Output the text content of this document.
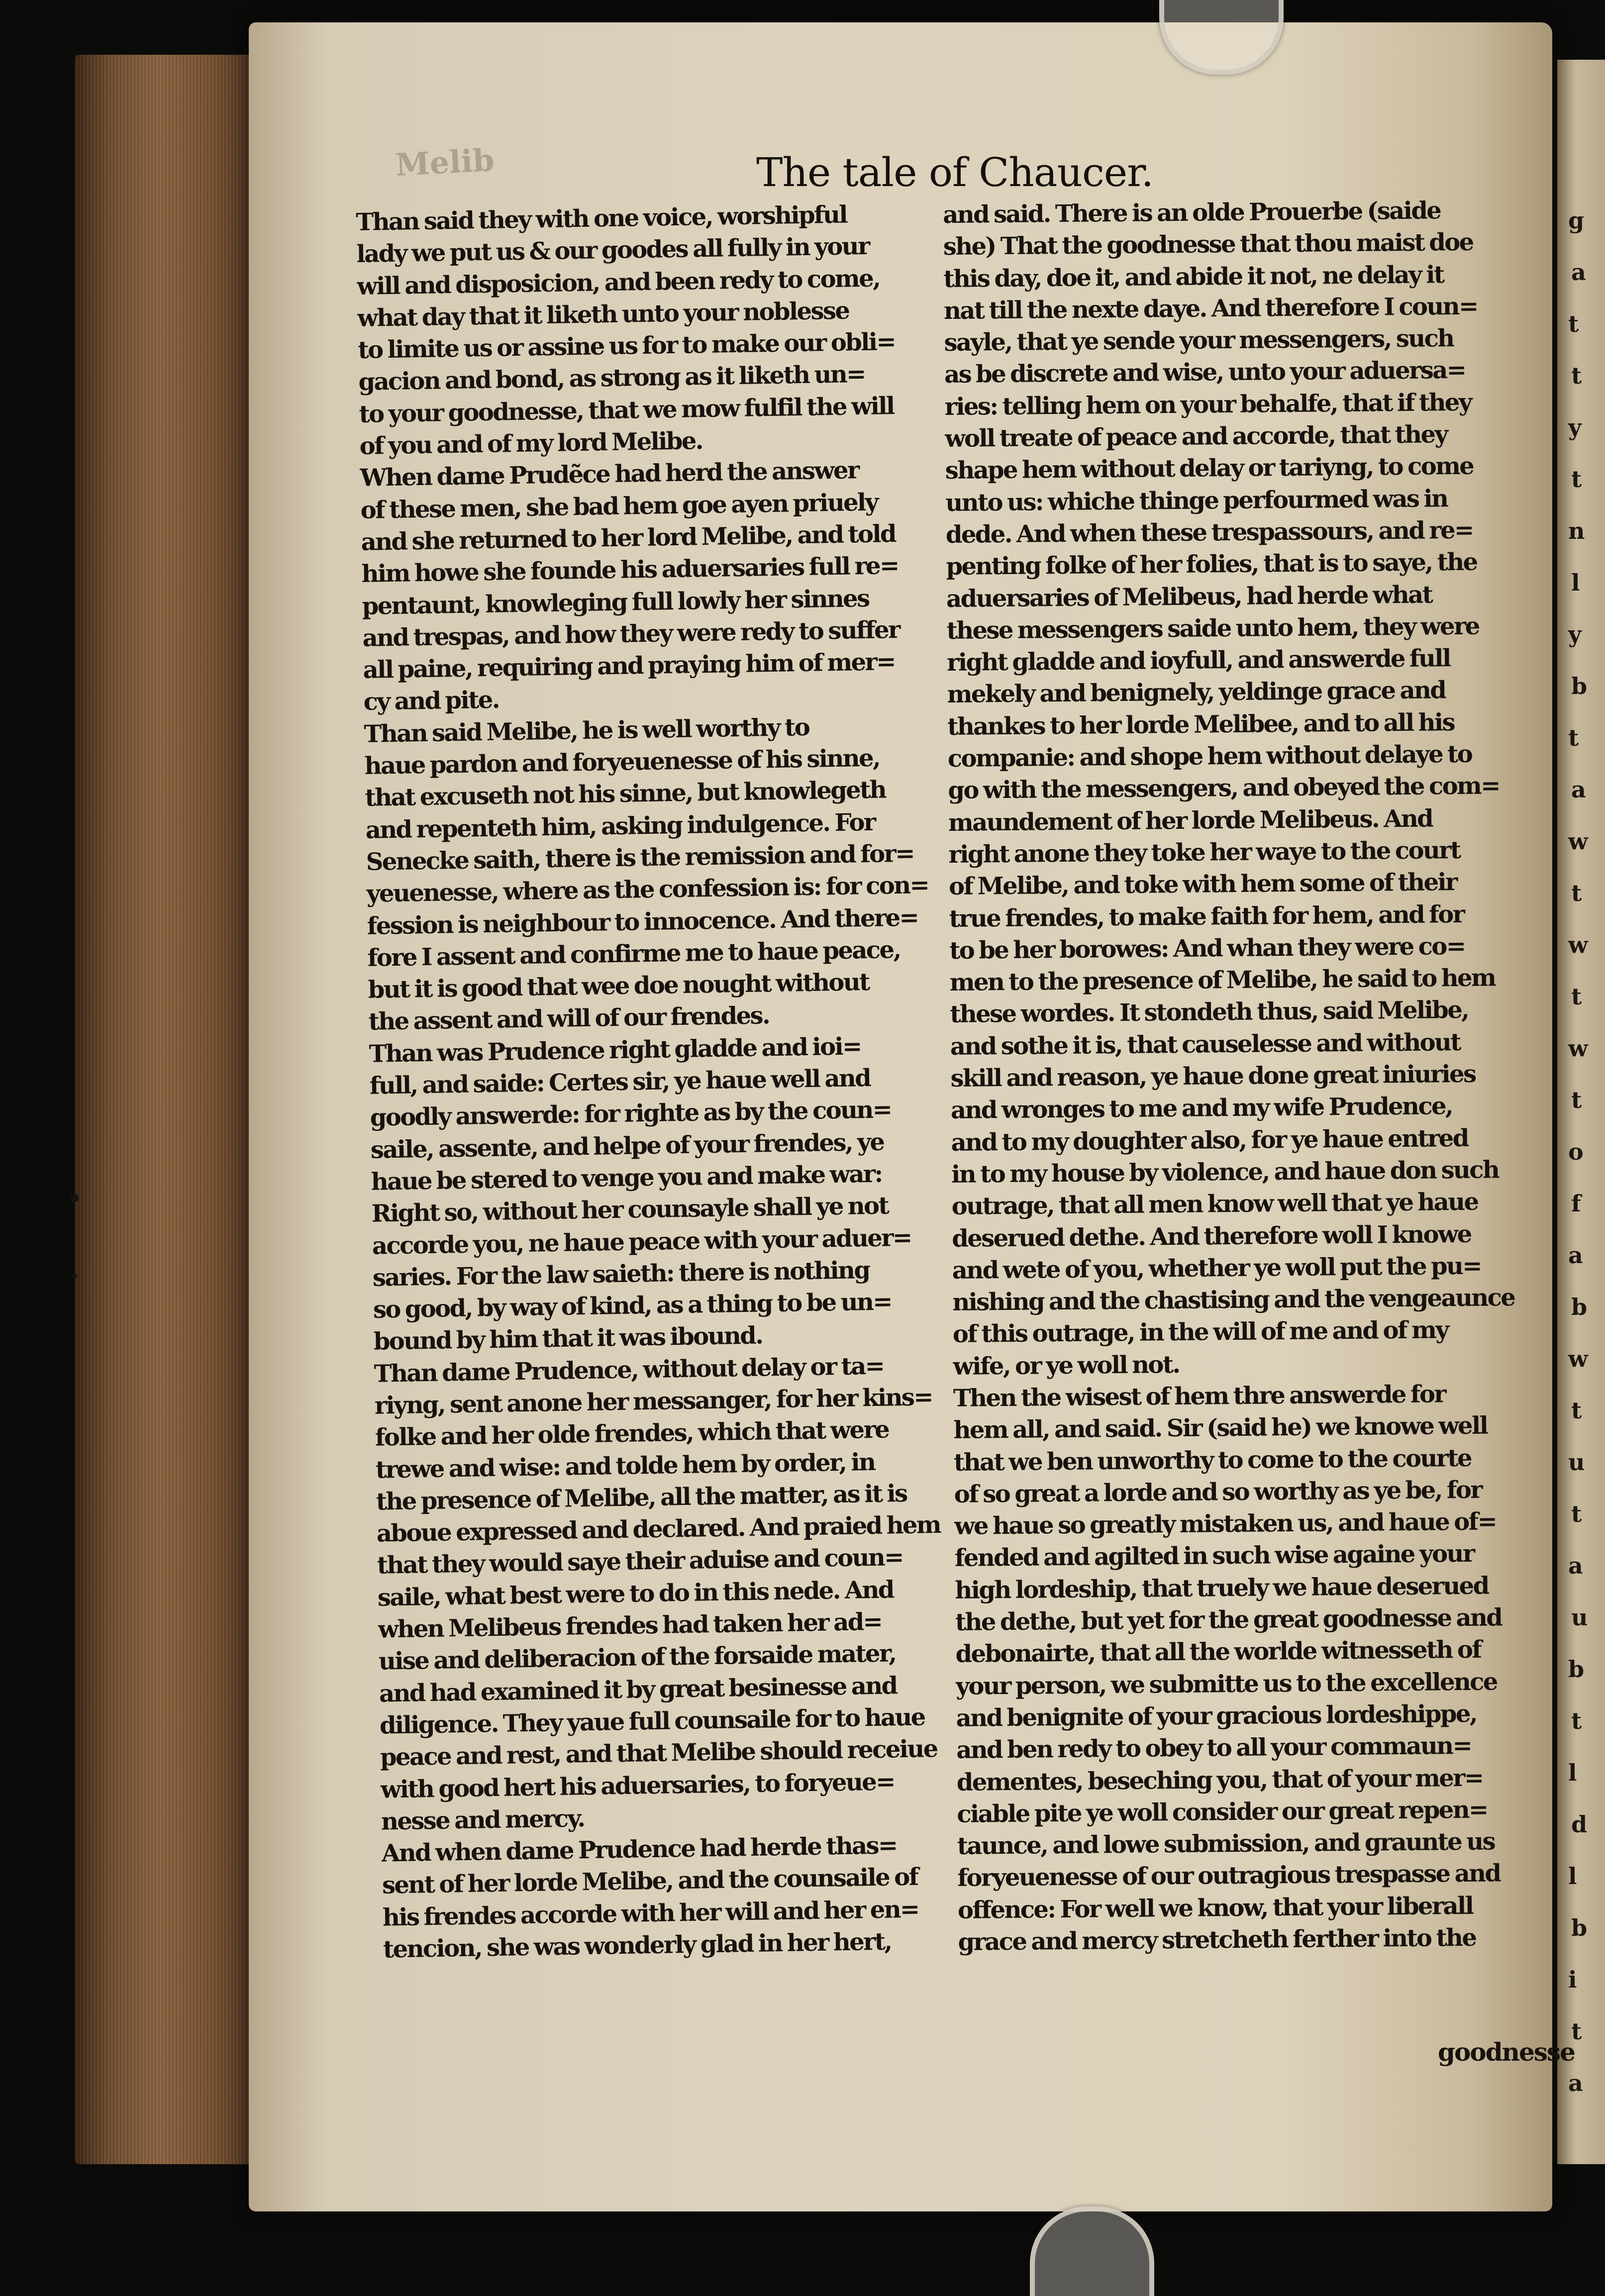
g
a
t
t
y
t
n
l
y
b
t
a
w
t
w
t
w
t
o
f
a
b
w
t
u
t
a
u
b
t
l
d
l
b
i
t
a
Melib	The tale of Chaucer.
Than said they with one voice, worshipful
lady we put us & our goodes all fully in your
will and disposicion, and been redy to come,
what day that it liketh unto your noblesse
to limite us or assine us for to make our obli=
gacion and bond, as strong as it liketh un=
to your goodnesse, that we mow fulfil the will
of you and of my lord Melibe.
When dame Prudẽce had herd the answer
of these men, she bad hem goe ayen priuely
and she returned to her lord Melibe, and told
him howe she founde his aduersaries full re=
pentaunt, knowleging full lowly her sinnes
and trespas, and how they were redy to suffer
all paine, requiring and praying him of mer=
cy and pite.
Than said Melibe, he is well worthy to
haue pardon and foryeuenesse of his sinne,
that excuseth not his sinne, but knowlegeth
and repenteth him, asking indulgence. For
Senecke saith, there is the remission and for=
yeuenesse, where as the confession is: for con=
fession is neighbour to innocence. And there=
fore I assent and confirme me to haue peace,
but it is good that wee doe nought without
the assent and will of our frendes.
Than was Prudence right gladde and ioi=
full, and saide: Certes sir, ye haue well and
goodly answerde: for righte as by the coun=
saile, assente, and helpe of your frendes, ye
haue be stered to venge you and make war:
Right so, without her counsayle shall ye not
accorde you, ne haue peace with your aduer=
saries. For the law saieth: there is nothing
so good, by way of kind, as a thing to be un=
bound by him that it was ibound.
Than dame Prudence, without delay or ta=
riyng, sent anone her messanger, for her kins=
folke and her olde frendes, which that were
trewe and wise: and tolde hem by order, in
the presence of Melibe, all the matter, as it is
aboue expressed and declared. And praied hem
that they would saye their aduise and coun=
saile, what best were to do in this nede. And
when Melibeus frendes had taken her ad=
uise and deliberacion of the forsaide mater,
and had examined it by great besinesse and
diligence. They yaue full counsaile for to haue
peace and rest, and that Melibe should receiue
with good hert his aduersaries, to foryeue=
nesse and mercy.
And when dame Prudence had herde thas=
sent of her lorde Melibe, and the counsaile of
his frendes accorde with her will and her en=
tencion, she was wonderly glad in her hert,
and said. There is an olde Prouerbe (saide
she) That the goodnesse that thou maist doe
this day, doe it, and abide it not, ne delay it
nat till the nexte daye. And therefore I coun=
sayle, that ye sende your messengers, such
as be discrete and wise, unto your aduersa=
ries: telling hem on your behalfe, that if they
woll treate of peace and accorde, that they
shape hem without delay or tariyng, to come
unto us: whiche thinge perfourmed was in
dede. And when these trespassours, and re=
penting folke of her folies, that is to saye, the
aduersaries of Melibeus, had herde what
these messengers saide unto hem, they were
right gladde and ioyfull, and answerde full
mekely and benignely, yeldinge grace and
thankes to her lorde Melibee, and to all his
companie: and shope hem without delaye to
go with the messengers, and obeyed the com=
maundement of her lorde Melibeus. And
right anone they toke her waye to the court
of Melibe, and toke with hem some of their
true frendes, to make faith for hem, and for
to be her borowes: And whan they were co=
men to the presence of Melibe, he said to hem
these wordes. It stondeth thus, said Melibe,
and sothe it is, that causelesse and without
skill and reason, ye haue done great iniuries
and wronges to me and my wife Prudence,
and to my doughter also, for ye haue entred
in to my house by violence, and haue don such
outrage, that all men know well that ye haue
deserued dethe. And therefore woll I knowe
and wete of you, whether ye woll put the pu=
nishing and the chastising and the vengeaunce
of this outrage, in the will of me and of my
wife, or ye woll not.
Then the wisest of hem thre answerde for
hem all, and said. Sir (said he) we knowe well
that we ben unworthy to come to the courte
of so great a lorde and so worthy as ye be, for
we haue so greatly mistaken us, and haue of=
fended and agilted in such wise againe your
high lordeship, that truely we haue deserued
the dethe, but yet for the great goodnesse and
debonairte, that all the worlde witnesseth of
your person, we submitte us to the excellence
and benignite of your gracious lordeshippe,
and ben redy to obey to all your commaun=
dementes, beseching you, that of your mer=
ciable pite ye woll consider our great repen=
taunce, and lowe submission, and graunte us
foryeuenesse of our outragious trespasse and
offence: For well we know, that your liberall
grace and mercy stretcheth ferther into the
goodnesse
